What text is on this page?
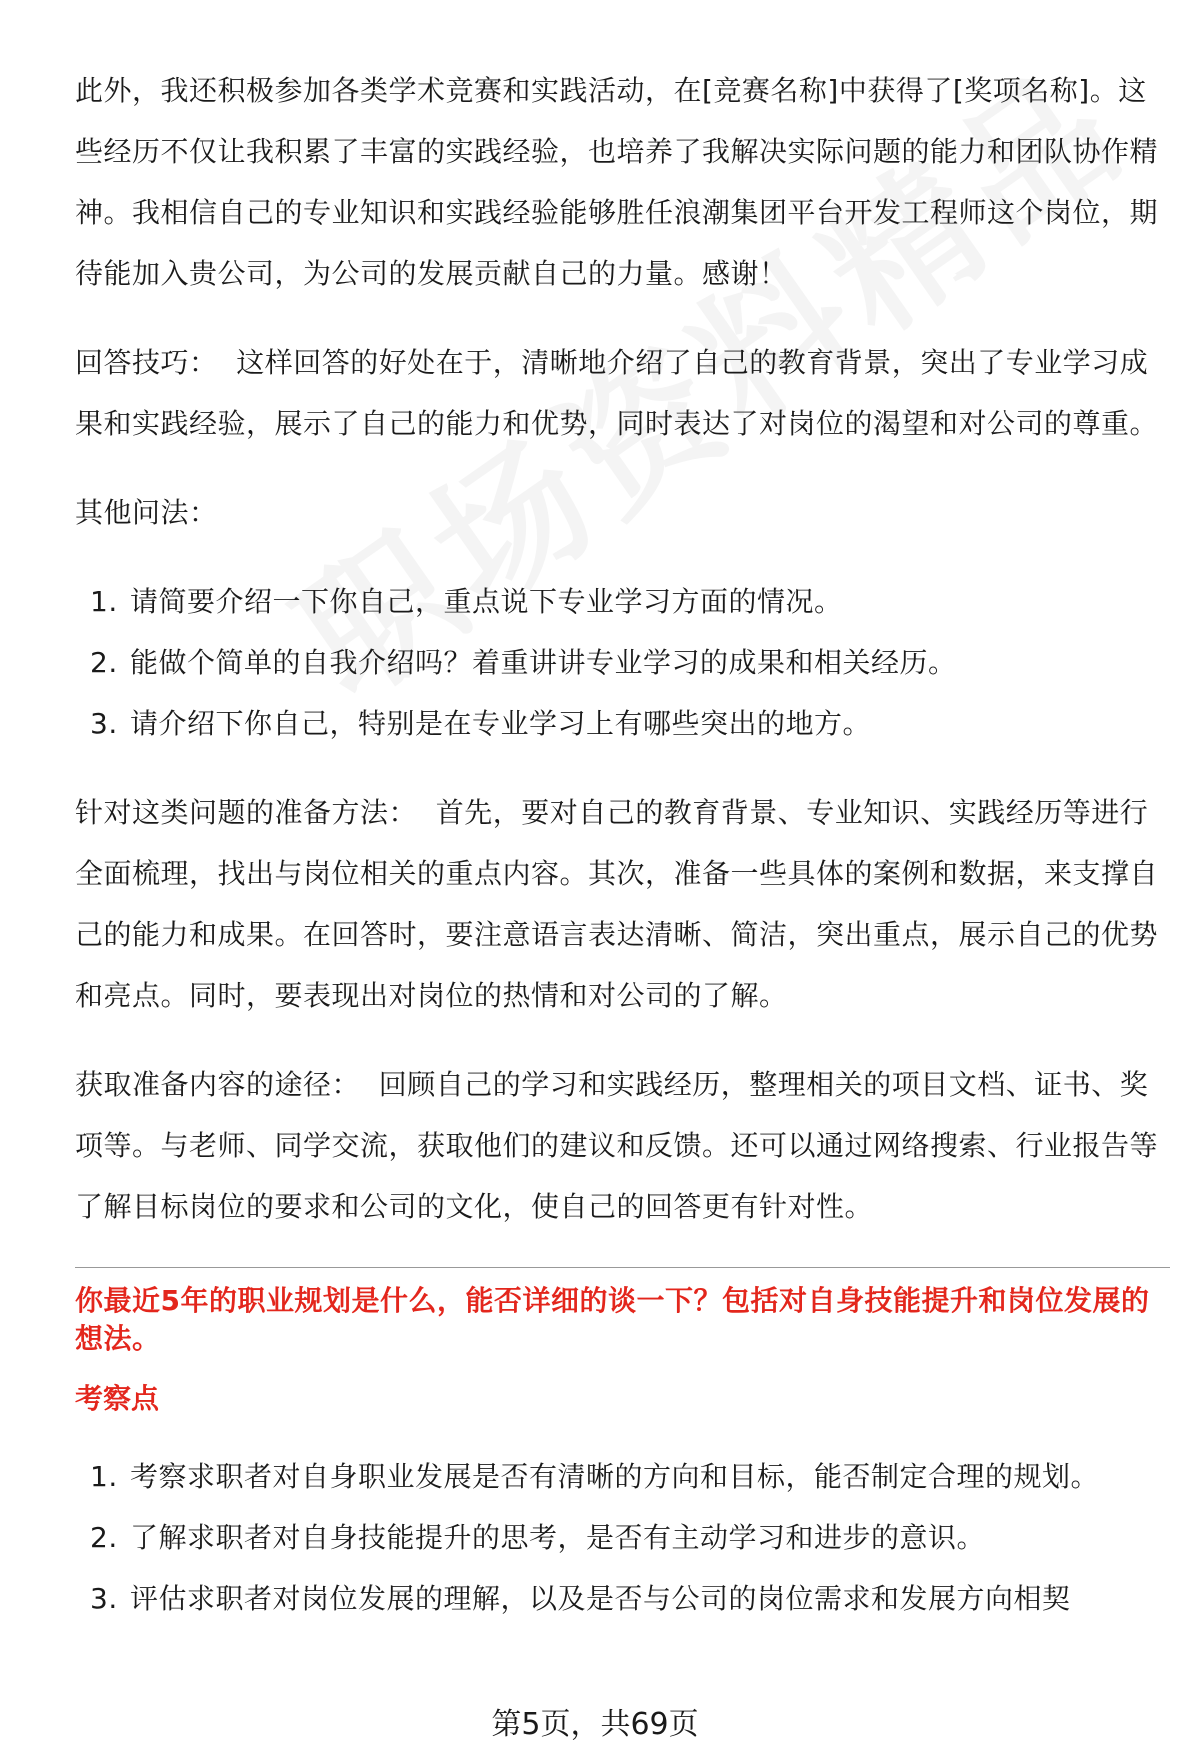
此外，我还积极参加各类学术竞赛和实践活动，在[竞赛名称]中获得了[奖项名称]。这些经历不仅让我积累了丰富的实践经验，也培养了我解决实际问题的能力和团队协作精神。我相信自己的专业知识和实践经验能够胜任浪潮集团平台开发工程师这个岗位，期待能加入贵公司，为公司的发展贡献自己的力量。感谢！

回答技巧：  这样回答的好处在于，清晰地介绍了自己的教育背景，突出了专业学习成果和实践经验，展示了自己的能力和优势，同时表达了对岗位的渴望和对公司的尊重。

其他问法：

1. 请简要介绍一下你自己，重点说下专业学习方面的情况。
2. 能做个简单的自我介绍吗？着重讲讲专业学习的成果和相关经历。
3. 请介绍下你自己，特别是在专业学习上有哪些突出的地方。

针对这类问题的准备方法：  首先，要对自己的教育背景、专业知识、实践经历等进行全面梳理，找出与岗位相关的重点内容。其次，准备一些具体的案例和数据，来支撑自己的能力和成果。在回答时，要注意语言表达清晰、简洁，突出重点，展示自己的优势和亮点。同时，要表现出对岗位的热情和对公司的了解。

获取准备内容的途径：  回顾自己的学习和实践经历，整理相关的项目文档、证书、奖项等。与老师、同学交流，获取他们的建议和反馈。还可以通过网络搜索、行业报告等了解目标岗位的要求和公司的文化，使自己的回答更有针对性。

你最近5年的职业规划是什么，能否详细的谈一下？包括对自身技能提升和岗位发展的想法。
考察点
1. 考察求职者对自身职业发展是否有清晰的方向和目标，能否制定合理的规划。
2. 了解求职者对自身技能提升的思考，是否有主动学习和进步的意识。
3. 评估求职者对岗位发展的理解，以及是否与公司的岗位需求和发展方向相契
第5页，共69页
